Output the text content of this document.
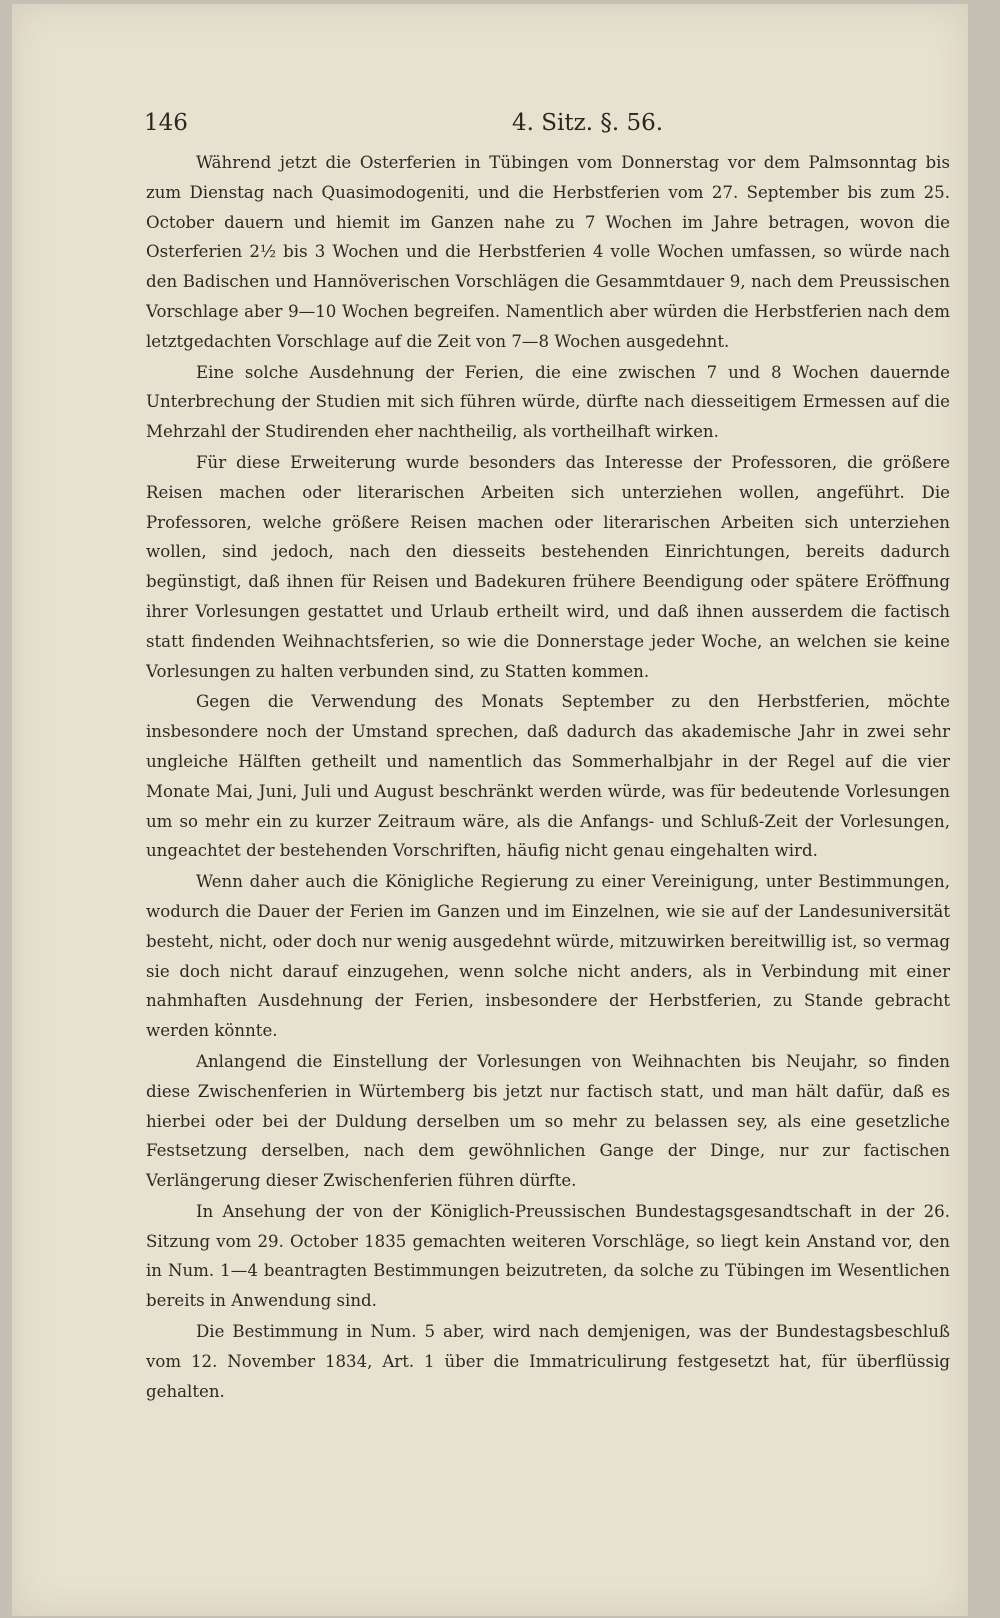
146	4. Sitz. §. 56.

Während jetzt die Osterferien in Tübingen vom Donnerstag vor dem Palmsonntag bis zum Dienstag nach Quasimodogeniti, und die Herbstferien vom 27. September bis zum 25. October dauern und hiemit im Ganzen nahe zu 7 Wochen im Jahre betragen, wovon die Osterferien 2½ bis 3 Wochen und die Herbstferien 4 volle Wochen umfassen, so würde nach den Badischen und Hannöverischen Vorschlägen die Gesammtdauer 9, nach dem Preussischen Vorschlage aber 9—10 Wochen begreifen. Namentlich aber würden die Herbstferien nach dem letztgedachten Vorschlage auf die Zeit von 7—8 Wochen ausgedehnt.

Eine solche Ausdehnung der Ferien, die eine zwischen 7 und 8 Wochen dauernde Unterbrechung der Studien mit sich führen würde, dürfte nach diesseitigem Ermessen auf die Mehrzahl der Studirenden eher nachtheilig, als vortheilhaft wirken.

Für diese Erweiterung wurde besonders das Interesse der Professoren, die größere Reisen machen oder literarischen Arbeiten sich unterziehen wollen, angeführt. Die Professoren, welche größere Reisen machen oder literarischen Arbeiten sich unterziehen wollen, sind jedoch, nach den diesseits bestehenden Einrichtungen, bereits dadurch begünstigt, daß ihnen für Reisen und Badekuren frühere Beendigung oder spätere Eröffnung ihrer Vorlesungen gestattet und Urlaub ertheilt wird, und daß ihnen ausserdem die factisch statt findenden Weihnachtsferien, so wie die Donnerstage jeder Woche, an welchen sie keine Vorlesungen zu halten verbunden sind, zu Statten kommen.

Gegen die Verwendung des Monats September zu den Herbstferien, möchte insbesondere noch der Umstand sprechen, daß dadurch das akademische Jahr in zwei sehr ungleiche Hälften getheilt und namentlich das Sommerhalbjahr in der Regel auf die vier Monate Mai, Juni, Juli und August beschränkt werden würde, was für bedeutende Vorlesungen um so mehr ein zu kurzer Zeitraum wäre, als die Anfangs- und Schluß-Zeit der Vorlesungen, ungeachtet der bestehenden Vorschriften, häufig nicht genau eingehalten wird.

Wenn daher auch die Königliche Regierung zu einer Vereinigung, unter Bestimmungen, wodurch die Dauer der Ferien im Ganzen und im Einzelnen, wie sie auf der Landesuniversität besteht, nicht, oder doch nur wenig ausgedehnt würde, mitzuwirken bereitwillig ist, so vermag sie doch nicht darauf einzugehen, wenn solche nicht anders, als in Verbindung mit einer nahmhaften Ausdehnung der Ferien, insbesondere der Herbstferien, zu Stande gebracht werden könnte.

Anlangend die Einstellung der Vorlesungen von Weihnachten bis Neujahr, so finden diese Zwischenferien in Würtemberg bis jetzt nur factisch statt, und man hält dafür, daß es hierbei oder bei der Duldung derselben um so mehr zu belassen sey, als eine gesetzliche Festsetzung derselben, nach dem gewöhnlichen Gange der Dinge, nur zur factischen Verlängerung dieser Zwischenferien führen dürfte.

In Ansehung der von der Königlich-Preussischen Bundestagsgesandtschaft in der 26. Sitzung vom 29. October 1835 gemachten weiteren Vorschläge, so liegt kein Anstand vor, den in Num. 1—4 beantragten Bestimmungen beizutreten, da solche zu Tübingen im Wesentlichen bereits in Anwendung sind.

Die Bestimmung in Num. 5 aber, wird nach demjenigen, was der Bundestagsbeschluß vom 12. November 1834, Art. 1 über die Immatriculirung festgesetzt hat, für überflüssig gehalten.
